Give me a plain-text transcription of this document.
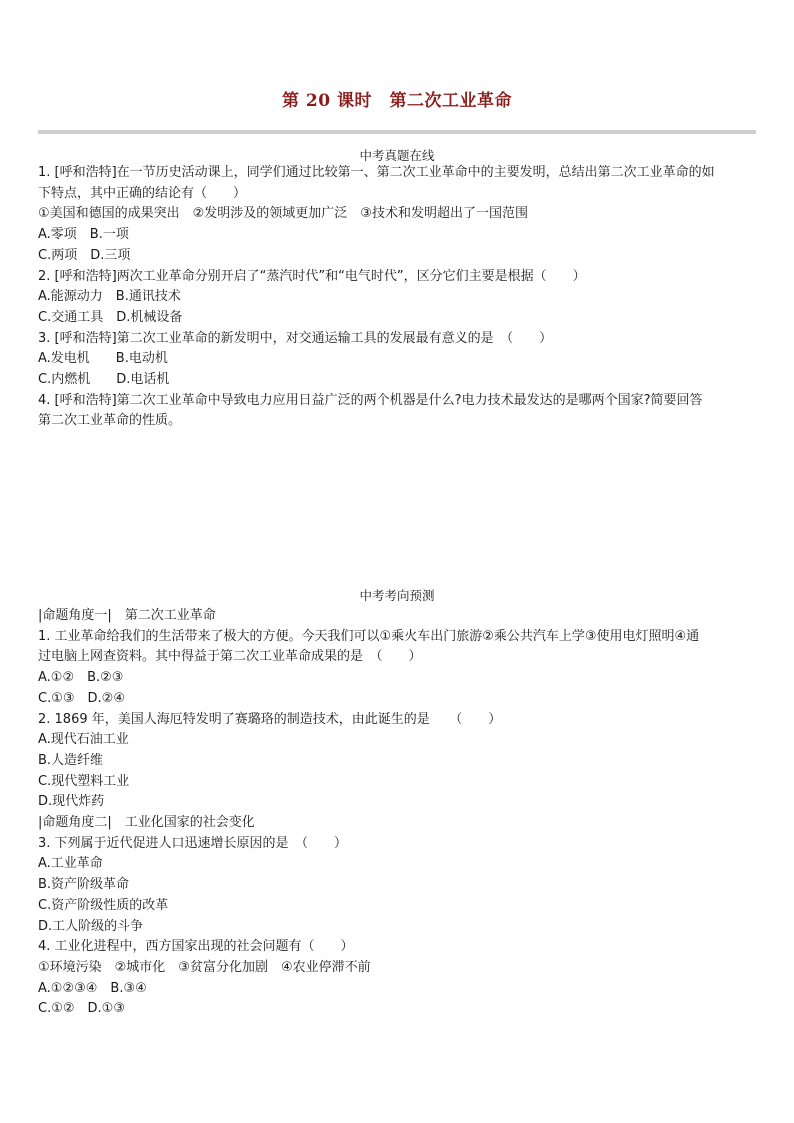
第 20 课时　第二次工业革命
中考真题在线
1. [呼和浩特]在一节历史活动课上，同学们通过比较第一、第二次工业革命中的主要发明，总结出第二次工业革命的如
下特点，其中正确的结论有（　　）
①美国和德国的成果突出　②发明涉及的领域更加广泛　③技术和发明超出了一国范围
A.零项　B.一项
C.两项　D.三项
2. [呼和浩特]两次工业革命分别开启了“蒸汽时代”和“电气时代”，区分它们主要是根据（　　）
A.能源动力　B.通讯技术
C.交通工具　D.机械设备
3. [呼和浩特]第二次工业革命的新发明中，对交通运输工具的发展最有意义的是　（　　）
A.发电机　　B.电动机
C.内燃机　　D.电话机
4. [呼和浩特]第二次工业革命中导致电力应用日益广泛的两个机器是什么?电力技术最发达的是哪两个国家?简要回答
第二次工业革命的性质。
中考考向预测
|命题角度一|　第二次工业革命
1. 工业革命给我们的生活带来了极大的方便。今天我们可以①乘火车出门旅游②乘公共汽车上学③使用电灯照明④通
过电脑上网查资料。其中得益于第二次工业革命成果的是　（　　）
A.①②　B.②③
C.①③　D.②④
2. 1869 年，美国人海厄特发明了赛璐珞的制造技术，由此诞生的是　　（　　）
A.现代石油工业
B.人造纤维
C.现代塑料工业
D.现代炸药
|命题角度二|　工业化国家的社会变化
3. 下列属于近代促进人口迅速增长原因的是　（　　）
A.工业革命
B.资产阶级革命
C.资产阶级性质的改革
D.工人阶级的斗争
4. 工业化进程中，西方国家出现的社会问题有（　　）
①环境污染　②城市化　③贫富分化加剧　④农业停滞不前
A.①②③④　B.③④
C.①②　D.①③
